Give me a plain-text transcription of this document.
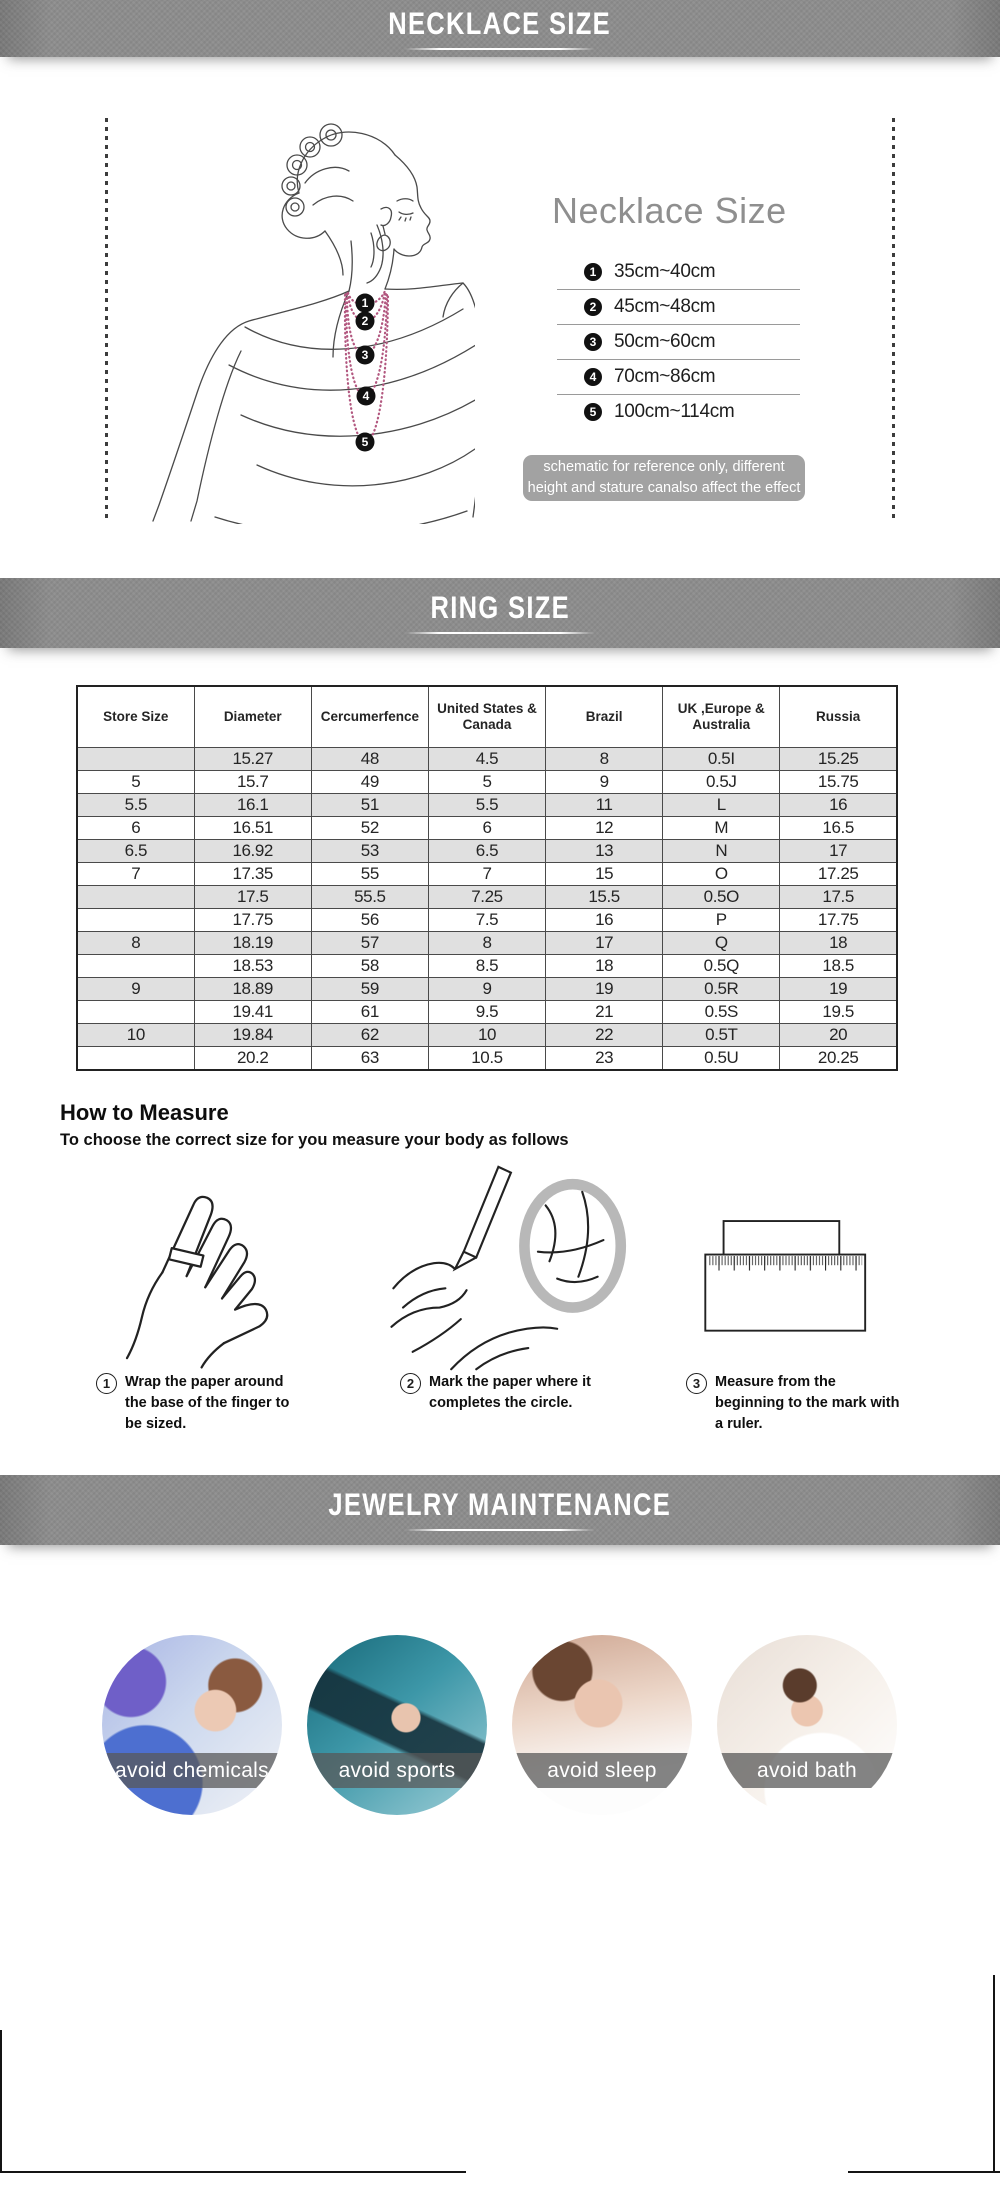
NECKLACE SIZE
1
2
3
4
5
Necklace Size
1 35cm~40cm
2 45cm~48cm
3 50cm~60cm
4 70cm~86cm
5 100cm~114cm
schematic for reference only, different
height and stature canalso affect the effect
RING SIZE
Store Size	Diameter	Cercumerfence	United States & Canada	Brazil	UK ,Europe & Australia	Russia
	15.27	48	4.5	8	0.5I	15.25
5	15.7	49	5	9	0.5J	15.75
5.5	16.1	51	5.5	11	L	16
6	16.51	52	6	12	M	16.5
6.5	16.92	53	6.5	13	N	17
7	17.35	55	7	15	O	17.25
	17.5	55.5	7.25	15.5	0.5O	17.5
	17.75	56	7.5	16	P	17.75
8	18.19	57	8	17	Q	18
	18.53	58	8.5	18	0.5Q	18.5
9	18.89	59	9	19	0.5R	19
	19.41	61	9.5	21	0.5S	19.5
10	19.84	62	10	22	0.5T	20
	20.2	63	10.5	23	0.5U	20.25
How to Measure
To choose the correct size for you measure your body as follows
1	Wrap the paper around the base of the finger to be sized.
2	Mark the paper where it completes the circle.
3	Measure from the beginning to the mark with a ruler.
JEWELRY MAINTENANCE
avoid chemicals	avoid sports	avoid sleep	avoid bath
